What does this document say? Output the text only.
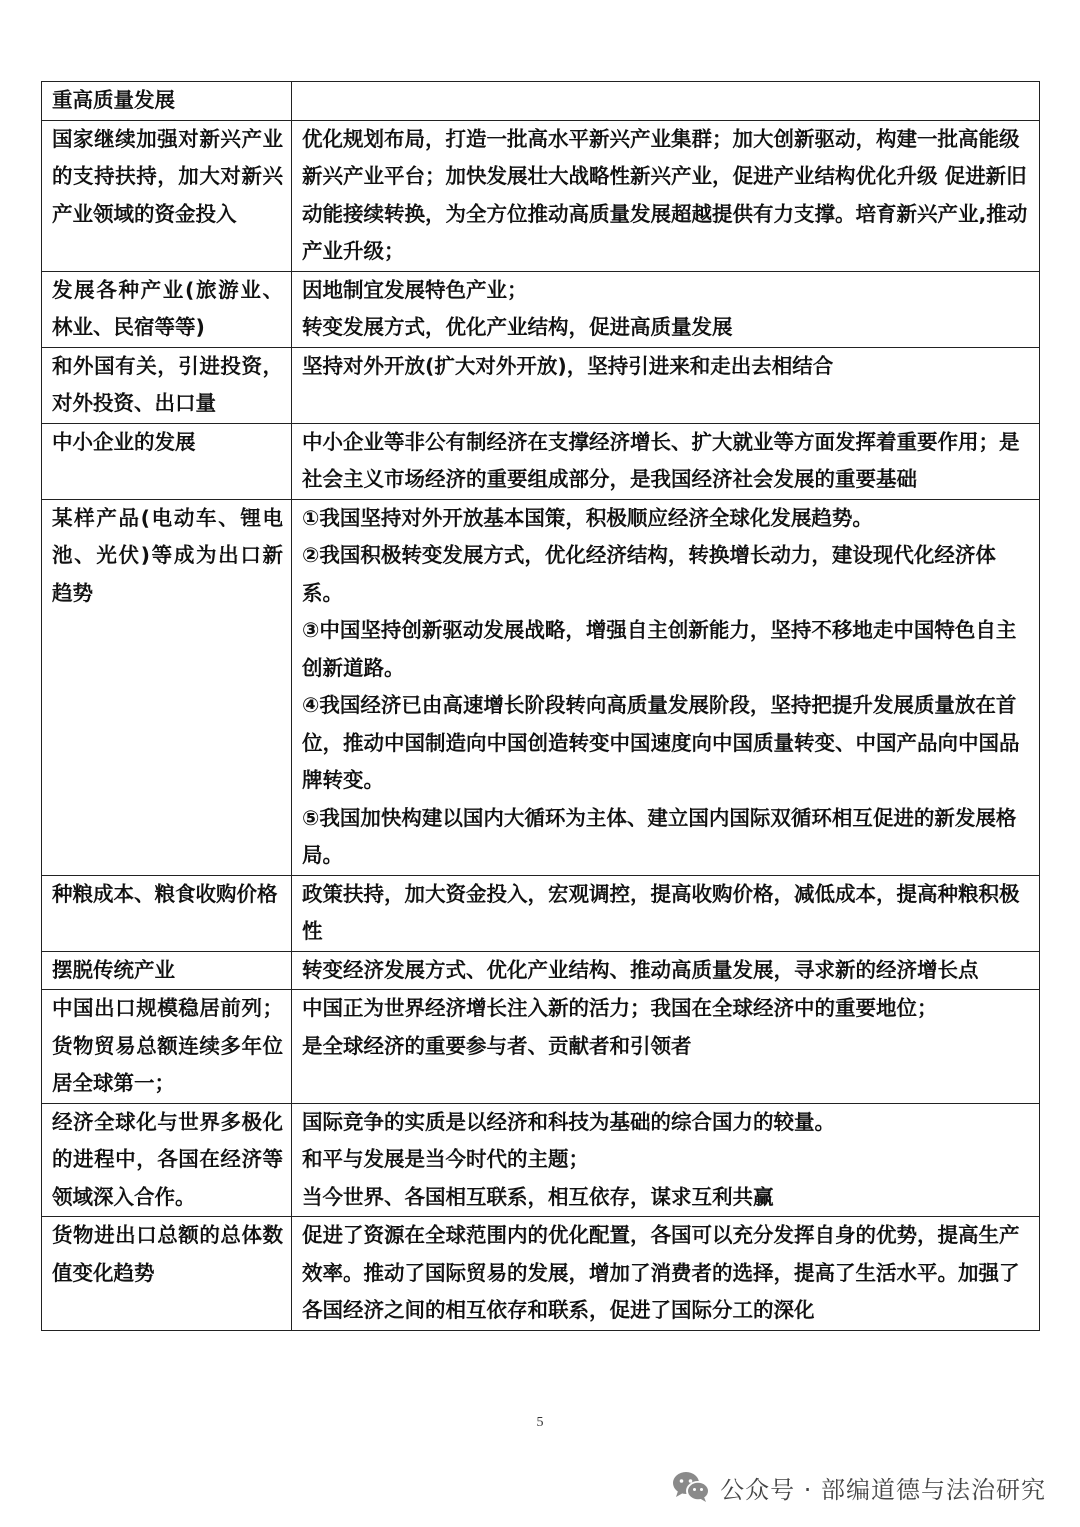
重高质量发展	

国家继续加强对新兴产业的支持扶持，加大对新兴产业领域的资金投入	优化规划布局，打造一批高水平新兴产业集群；加大创新驱动，构建一批高能级新兴产业平台；加快发展壮大战略性新兴产业，促进产业结构优化升级 促进新旧动能接续转换，为全方位推动高质量发展超越提供有力支撑。培育新兴产业,推动产业升级；

发展各种产业(旅游业、林业、民宿等等)	因地制宜发展特色产业；
转变发展方式，优化产业结构，促进高质量发展

和外国有关，引进投资，对外投资、出口量	坚持对外开放(扩大对外开放)，坚持引进来和走出去相结合

中小企业的发展	中小企业等非公有制经济在支撑经济增长、扩大就业等方面发挥着重要作用；是社会主义市场经济的重要组成部分，是我国经济社会发展的重要基础

某样产品(电动车、锂电池、光伏)等成为出口新趋势	①我国坚持对外开放基本国策，积极顺应经济全球化发展趋势。
②我国积极转变发展方式，优化经济结构，转换增长动力，建设现代化经济体系。
③中国坚持创新驱动发展战略，增强自主创新能力，坚持不移地走中国特色自主创新道路。
④我国经济已由高速增长阶段转向高质量发展阶段，坚持把提升发展质量放在首位，推动中国制造向中国创造转变中国速度向中国质量转变、中国产品向中国品牌转变。
⑤我国加快构建以国内大循环为主体、建立国内国际双循环相互促进的新发展格局。

种粮成本、粮食收购价格	政策扶持，加大资金投入，宏观调控，提高收购价格，减低成本，提高种粮积极性

摆脱传统产业	转变经济发展方式、优化产业结构、推动高质量发展，寻求新的经济增长点

中国出口规模稳居前列；货物贸易总额连续多年位居全球第一；	中国正为世界经济增长注入新的活力；我国在全球经济中的重要地位；
是全球经济的重要参与者、贡献者和引领者

经济全球化与世界多极化的进程中，各国在经济等领域深入合作。	国际竞争的实质是以经济和科技为基础的综合国力的较量。
和平与发展是当今时代的主题；
当今世界、各国相互联系，相互依存，谋求互利共赢

货物进出口总额的总体数值变化趋势	促进了资源在全球范围内的优化配置，各国可以充分发挥自身的优势，提高生产效率。推动了国际贸易的发展，增加了消费者的选择，提高了生活水平。加强了各国经济之间的相互依存和联系，促进了国际分工的深化
5
公众号 · 部编道德与法治研究
